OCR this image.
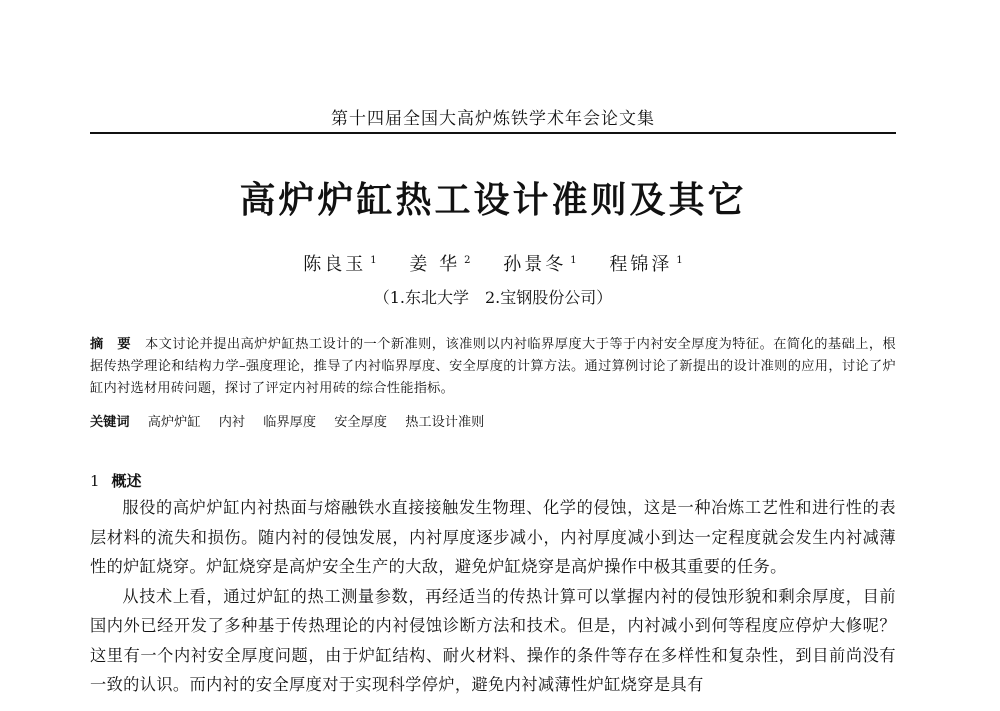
第十四届全国大高炉炼铁学术年会论文集
高炉炉缸热工设计准则及其它
陈良玉 $^1$ 姜 华 $^2$ 孙景冬 $^1$ 程锦泽 $^1$
（1.东北大学　2.宝钢股份公司）

摘　要 本文讨论并提出高炉炉缸热工设计的一个新准则，该准则以内衬临界厚度大于等于内衬安全厚度为特征。在简化的基础上，根据传热学理论和结构力学–强度理论，推导了内衬临界厚度、安全厚度的计算方法。通过算例讨论了新提出的设计准则的应用，讨论了炉缸内衬选材用砖问题，探讨了评定内衬用砖的综合性能指标。

关键词 高炉炉缸 内衬 临界厚度 安全厚度 热工设计准则
1 概述

服役的高炉炉缸内衬热面与熔融铁水直接接触发生物理、化学的侵蚀，这是一种冶炼工艺性和进行性的表层材料的流失和损伤。随内衬的侵蚀发展，内衬厚度逐步减小，内衬厚度减小到达一定程度就会发生内衬减薄性的炉缸烧穿。炉缸烧穿是高炉安全生产的大敌，避免炉缸烧穿是高炉操作中极其重要的任务。

从技术上看，通过炉缸的热工测量参数，再经适当的传热计算可以掌握内衬的侵蚀形貌和剩余厚度，目前国内外已经开发了多种基于传热理论的内衬侵蚀诊断方法和技术。但是，内衬减小到何等程度应停炉大修呢？这里有一个内衬安全厚度问题，由于炉缸结构、耐火材料、操作的条件等存在多样性和复杂性，到目前尚没有一致的认识。而内衬的安全厚度对于实现科学停炉，避免内衬减薄性炉缸烧穿是具有
